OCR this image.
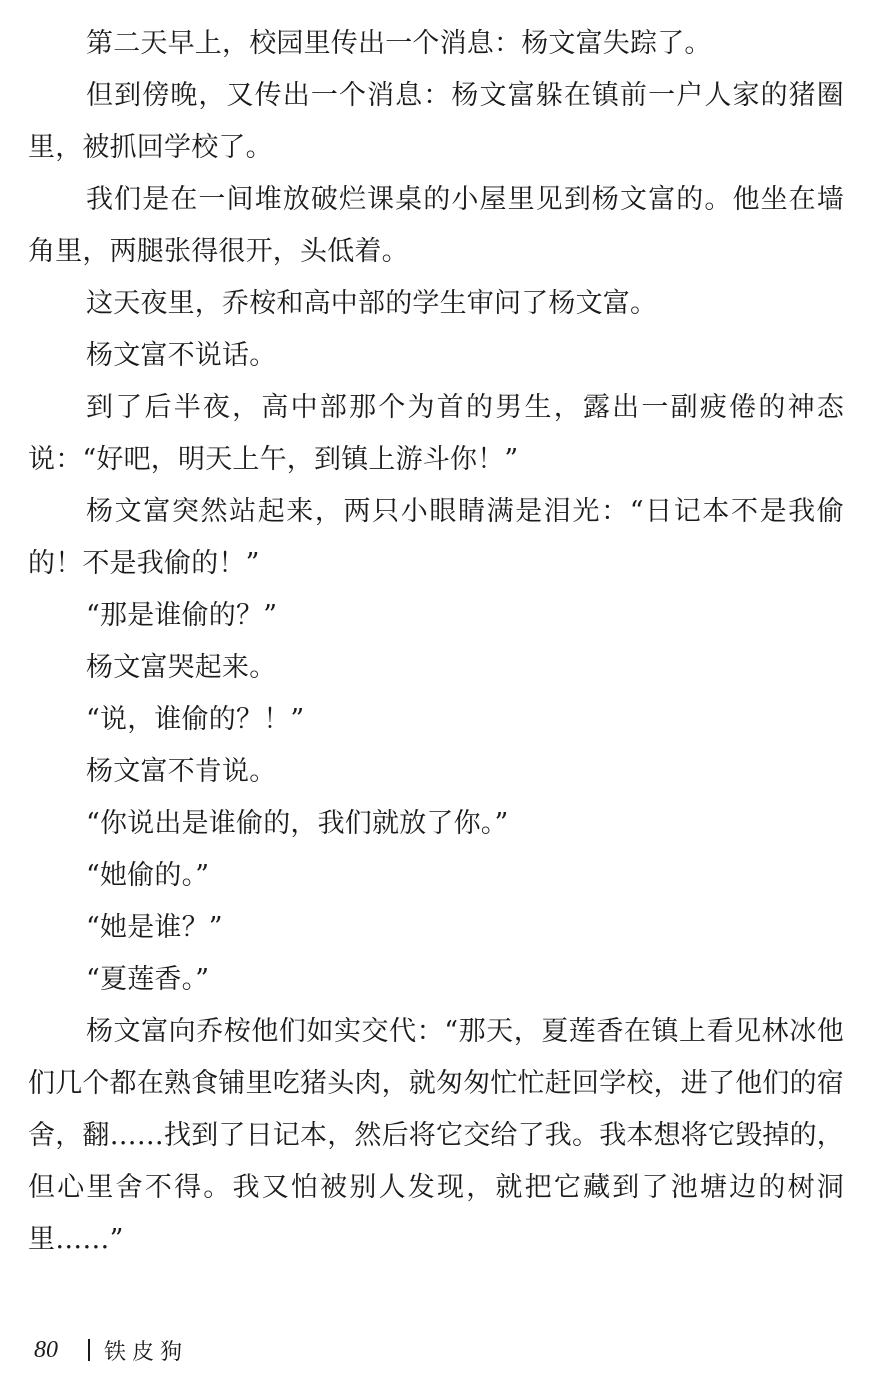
第二天早上，校园里传出一个消息：杨文富失踪了。

但到傍晚，又传出一个消息：杨文富躲在镇前一户人家的猪圈里，被抓回学校了。

我们是在一间堆放破烂课桌的小屋里见到杨文富的。他坐在墙角里，两腿张得很开，头低着。

这天夜里，乔桉和高中部的学生审问了杨文富。

杨文富不说话。

到了后半夜，高中部那个为首的男生，露出一副疲倦的神态说：“好吧，明天上午，到镇上游斗你！”

杨文富突然站起来，两只小眼睛满是泪光：“日记本不是我偷的！不是我偷的！”

“那是谁偷的？”

杨文富哭起来。

“说，谁偷的？！”

杨文富不肯说。

“你说出是谁偷的，我们就放了你。”

“她偷的。”

“她是谁？”

“夏莲香。”

杨文富向乔桉他们如实交代：“那天，夏莲香在镇上看见林冰他们几个都在熟食铺里吃猪头肉，就匆匆忙忙赶回学校，进了他们的宿舍，翻……找到了日记本，然后将它交给了我。我本想将它毁掉的，但心里舍不得。我又怕被别人发现，就把它藏到了池塘边的树洞里……”

80	铁皮狗
